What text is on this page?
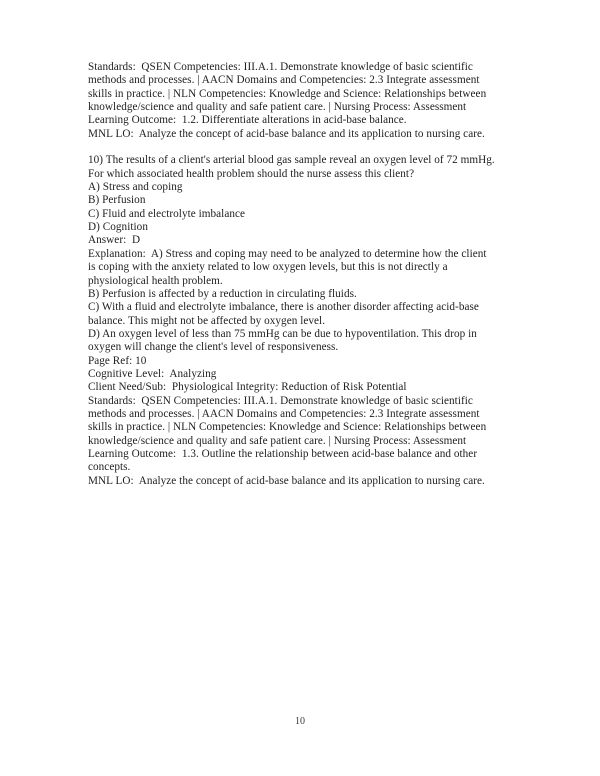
Standards:  QSEN Competencies: III.A.1. Demonstrate knowledge of basic scientific
methods and processes. | AACN Domains and Competencies: 2.3 Integrate assessment
skills in practice. | NLN Competencies: Knowledge and Science: Relationships between
knowledge/science and quality and safe patient care. | Nursing Process: Assessment
Learning Outcome:  1.2. Differentiate alterations in acid-base balance.
MNL LO:  Analyze the concept of acid-base balance and its application to nursing care.
10) The results of a client's arterial blood gas sample reveal an oxygen level of 72 mmHg.
For which associated health problem should the nurse assess this client?
A) Stress and coping
B) Perfusion
C) Fluid and electrolyte imbalance
D) Cognition
Answer:  D
Explanation:  A) Stress and coping may need to be analyzed to determine how the client
is coping with the anxiety related to low oxygen levels, but this is not directly a
physiological health problem.
B) Perfusion is affected by a reduction in circulating fluids.
C) With a fluid and electrolyte imbalance, there is another disorder affecting acid-base
balance. This might not be affected by oxygen level.
D) An oxygen level of less than 75 mmHg can be due to hypoventilation. This drop in
oxygen will change the client's level of responsiveness.
Page Ref: 10
Cognitive Level:  Analyzing
Client Need/Sub:  Physiological Integrity: Reduction of Risk Potential
Standards:  QSEN Competencies: III.A.1. Demonstrate knowledge of basic scientific
methods and processes. | AACN Domains and Competencies: 2.3 Integrate assessment
skills in practice. | NLN Competencies: Knowledge and Science: Relationships between
knowledge/science and quality and safe patient care. | Nursing Process: Assessment
Learning Outcome:  1.3. Outline the relationship between acid-base balance and other
concepts.
MNL LO:  Analyze the concept of acid-base balance and its application to nursing care.
10
